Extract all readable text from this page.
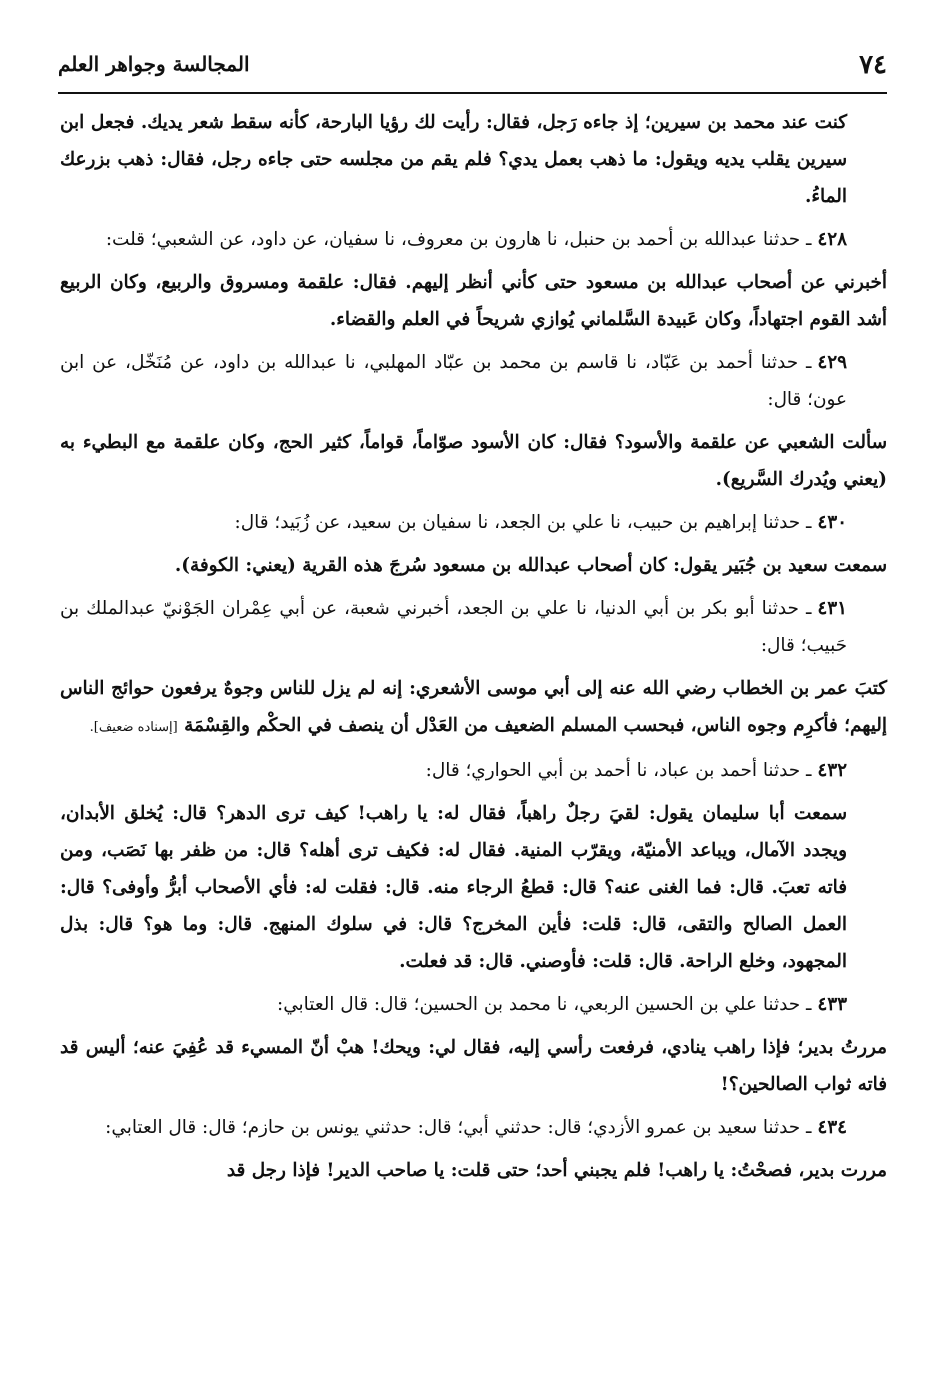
٧٤
المجالسة وجواهر العلم

كنت عند محمد بن سيرين؛ إذ جاءه رَجل، فقال: رأيت لك رؤيا البارحة، كأنه سقط شعر يديك. فجعل ابن سيرين يقلب يديه ويقول: ما ذهب بعمل يدي؟ فلم يقم من مجلسه حتى جاءه رجل، فقال: ذهب بزرعك الماءُ.

٤٢٨ـ حدثنا عبدالله بن أحمد بن حنبل، نا هارون بن معروف، نا سفيان، عن داود، عن الشعبي؛ قلت:

أخبرني عن أصحاب عبدالله بن مسعود حتى كأني أنظر إليهم. فقال: علقمة ومسروق والربيع، وكان الربيع أشد القوم اجتهاداً، وكان عَبيدة السَّلماني يُوازي شريحاً في العلم والقضاء.

٤٢٩ـ حدثنا أحمد بن عَبّاد، نا قاسم بن محمد بن عبّاد المهلبي، نا عبدالله بن داود، عن مُنَخّل، عن ابن عون؛ قال:

سألت الشعبي عن علقمة والأسود؟ فقال: كان الأسود صوّاماً، قواماً، كثير الحج، وكان علقمة مع البطيء به (يعني ويُدرك السَّريع).

٤٣٠ـ حدثنا إبراهيم بن حبيب، نا علي بن الجعد، نا سفيان بن سعيد، عن زُبَيد؛ قال:

سمعت سعيد بن جُبَير يقول: كان أصحاب عبدالله بن مسعود سُرجَ هذه القرية (يعني: الكوفة).

٤٣١ـ حدثنا أبو بكر بن أبي الدنيا، نا علي بن الجعد، أخبرني شعبة، عن أبي عِمْران الجَوْنيّ عبدالملك بن حَبيب؛ قال:

كتبَ عمر بن الخطاب رضي الله عنه إلى أبي موسى الأشعري: إنه لم يزل للناس وجوهٌ يرفعون حوائج الناس إليهم؛ فأكرِم وجوه الناس، فبحسب المسلم الضعيف من العَدْل أن ينصف في الحكْم والقِسْمَة [إسناده ضعيف].

٤٣٢ـ حدثنا أحمد بن عباد، نا أحمد بن أبي الحواري؛ قال:

سمعت أبا سليمان يقول: لقيَ رجلٌ راهباً، فقال له: يا راهب! كيف ترى الدهر؟ قال: يُخلق الأبدان، ويجدد الآمال، ويباعد الأمنيّة، ويقرّب المنية. فقال له: فكيف ترى أهله؟ قال: من ظفر بها نَصَب، ومن فاته تعبَ. قال: فما الغنى عنه؟ قال: قطعُ الرجاء منه. قال: فقلت له: فأي الأصحاب أبرُّ وأوفى؟ قال: العمل الصالح والتقى، قال: قلت: فأين المخرج؟ قال: في سلوك المنهج. قال: وما هو؟ قال: بذل المجهود، وخلع الراحة. قال: قلت: فأوصني. قال: قد فعلت.

٤٣٣ـ حدثنا علي بن الحسين الربعي، نا محمد بن الحسين؛ قال: قال العتابي:

مررتُ بدير؛ فإذا راهب ينادي، فرفعت رأسي إليه، فقال لي: ويحك! هبْ أنّ المسيء قد عُفِيَ عنه؛ أليس قد فاته ثواب الصالحين؟!

٤٣٤ـ حدثنا سعيد بن عمرو الأزدي؛ قال: حدثني أبي؛ قال: حدثني يونس بن حازم؛ قال: قال العتابي:

مررت بدير، فصحْتُ: يا راهب! فلم يجبني أحد؛ حتى قلت: يا صاحب الدير! فإذا رجل قد
